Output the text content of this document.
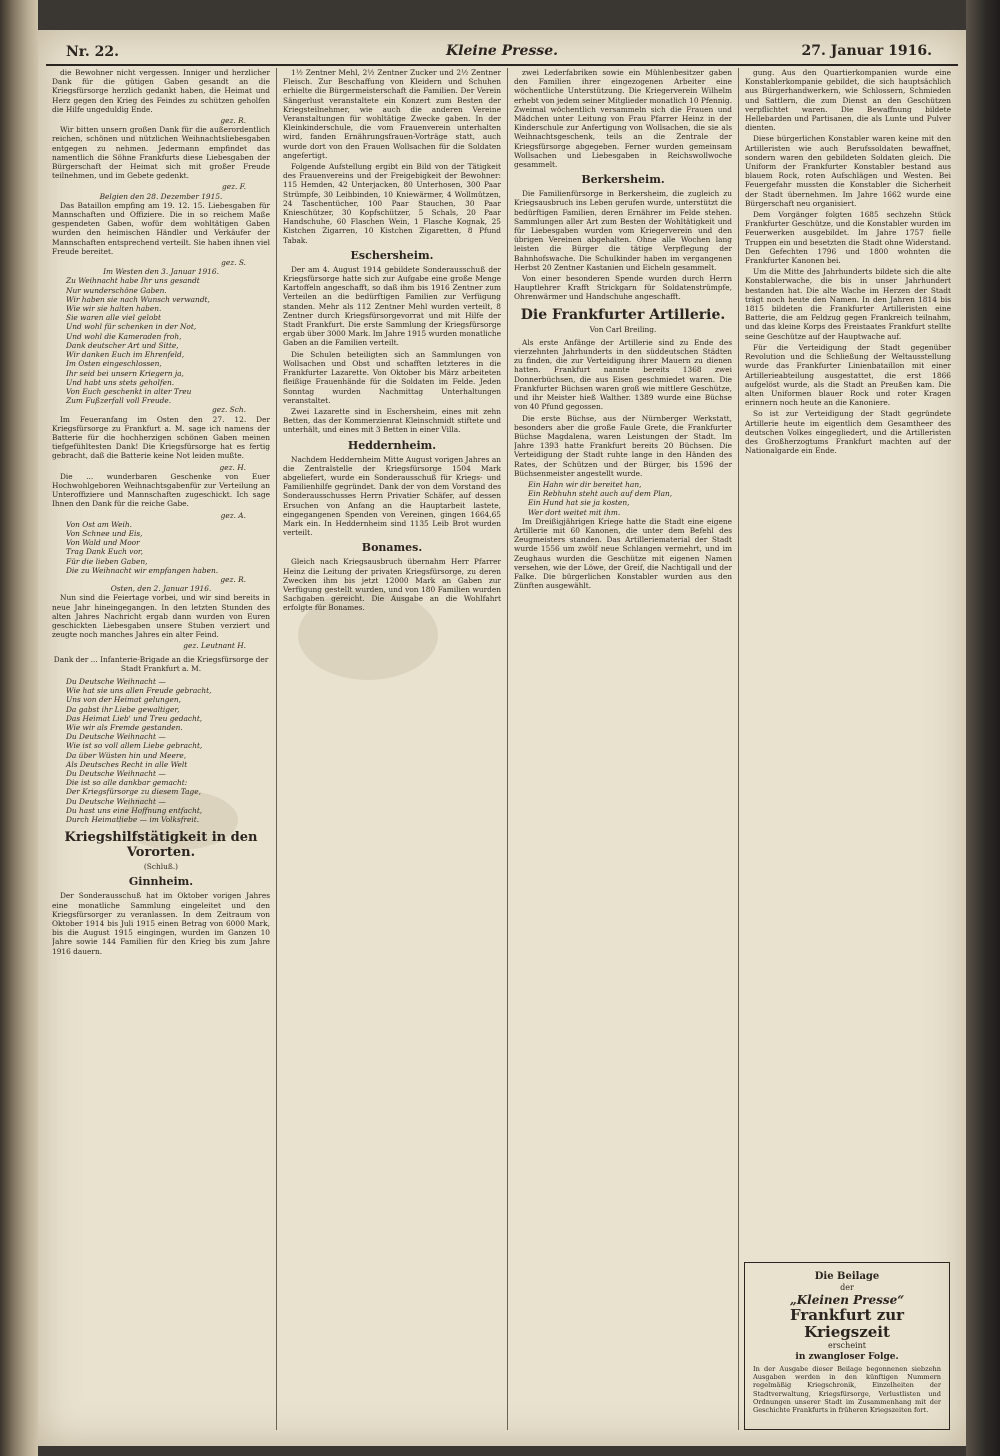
Nr. 22.	Kleine Presse.	27. Januar 1916.

die Bewohner nicht vergessen. Inniger und herzlicher Dank für die gütigen Gaben gesandt an die Kriegsfürsorge herzlich gedankt haben, die Heimat und Herz gegen den Krieg des Feindes zu schützen geholfen die Hilfe ungeduldig Ende.

gez. R.

Wir bitten unsern großen Dank für die außerordentlich reichen, schönen und nützlichen Weihnachtsliebesgaben entgegen zu nehmen. Jedermann empfindet das namentlich die Söhne Frankfurts diese Liebesgaben der Bürgerschaft der Heimat sich mit großer Freude teilnehmen, und im Gebete gedenkt.

gez. F.
Belgien den 28. Dezember 1915.

Das Bataillon empfing am 19. 12. 15. Liebesgaben für Mannschaften und Offiziere. Die in so reichem Maße gespendeten Gaben, wofür dem wohltätigen Gaben wurden den heimischen Händler und Verkäufer der Mannschaften entsprechend verteilt. Sie haben ihnen viel Freude bereitet.

gez. S.
Im Westen den 3. Januar 1916.
Zu Weihnacht habe Ihr uns gesandt
Nur wunderschöne Gaben.
Wir haben sie nach Wunsch verwandt,
Wie wir sie halten haben.
Sie waren alle viel gelobt
Und wohl für schenken in der Not,
Und wohl die Kameraden froh,
Dank deutscher Art und Sitte,
Wir danken Euch im Ehrenfeld,
Im Osten eingeschlossen,
Ihr seid bei unsern Kriegern ja,
Und habt uns stets geholfen.
Von Euch geschenkt in alter Treu
Zum Fußzerfall voll Freude.
gez. Sch.

Im Feueranfang im Osten den 27. 12. Der Kriegsfürsorge zu Frankfurt a. M. sage ich namens der Batterie für die hochherzigen schönen Gaben meinen tiefgefühltesten Dank! Die Kriegsfürsorge hat es fertig gebracht, daß die Batterie keine Not leiden mußte.

gez. H.

Die ... wunderbaren Geschenke von Euer Hochwohlgeboren Weihnachtsgabenfür zur Verteilung an Unteroffiziere und Mannschaften zugeschickt. Ich sage Ihnen den Dank für die reiche Gabe.

gez. A.
Von Ost am Weih.
Von Schnee und Eis,
Von Wald und Moor
Trag Dank Euch vor,
Für die lieben Gaben,
Die zu Weihnacht wir empfangen haben.
gez. R.
Osten, den 2. Januar 1916.

Nun sind die Feiertage vorbei, und wir sind bereits in neue Jahr hineingegangen. In den letzten Stunden des alten Jahres Nachricht ergab dann wurden von Euren geschickten Liebesgaben unsere Stuben verziert und zeugte noch manches Jahres ein alter Feind.

gez. Leutnant H.
Dank der ... Infanterie-Brigade an die Kriegsfürsorge der Stadt Frankfurt a. M.
Du Deutsche Weihnacht —
Wie hat sie uns allen Freude gebracht,
Uns von der Heimat gelungen,
Da gabst ihr Liebe gewaltiger,
Das Heimat Lieb' und Treu gedacht,
Wie wir als Fremde gestanden.
Du Deutsche Weihnacht —
Wie ist so voll allem Liebe gebracht,
Da über Wüsten hin und Meere,
Als Deutsches Recht in alle Welt
Du Deutsche Weihnacht —
Die ist so alle dankbar gemacht:
Der Kriegsfürsorge zu diesem Tage,
Du Deutsche Weihnacht —
Du hast uns eine Hoffnung entfacht,
Durch Heimatliebe — im Volksfreit.
Kriegshilfstätigkeit in den Vororten.
(Schluß.)
Ginnheim.

Der Sonderausschuß hat im Oktober vorigen Jahres eine monatliche Sammlung eingeleitet und den Kriegsfürsorger zu veranlassen. In dem Zeitraum von Oktober 1914 bis Juli 1915 einen Betrag von 6000 Mark, bis die August 1915 eingingen, wurden im Ganzen 10 Jahre sowie 144 Familien für den Krieg bis zum Jahre 1916 dauern.

1½ Zentner Mehl, 2½ Zentner Zucker und 2½ Zentner Fleisch. Zur Beschaffung von Kleidern und Schuhen erhielte die Bürgermeisterschaft die Familien. Der Verein Sängerlust veranstaltete ein Konzert zum Besten der Kriegsteilnehmer, wie auch die anderen Vereine Veranstaltungen für wohltätige Zwecke gaben. In der Kleinkinderschule, die vom Frauenverein unterhalten wird, fanden Ernährungsfrauen-Vorträge statt, auch wurde dort von den Frauen Wollsachen für die Soldaten angefertigt.

Folgende Aufstellung ergibt ein Bild von der Tätigkeit des Frauenvereins und der Freigebigkeit der Bewohner: 115 Hemden, 42 Unterjacken, 80 Unterhosen, 300 Paar Strümpfe, 30 Leibbinden, 10 Kniewärmer, 4 Wollmützen, 24 Taschentücher, 100 Paar Stauchen, 30 Paar Knieschützer, 30 Kopfschützer, 5 Schals, 20 Paar Handschuhe, 60 Flaschen Wein, 1 Flasche Kognak, 25 Kistchen Zigarren, 10 Kistchen Zigaretten, 8 Pfund Tabak.

Eschersheim.

Der am 4. August 1914 gebildete Sonderausschuß der Kriegsfürsorge hatte sich zur Aufgabe eine große Menge Kartoffeln angeschafft, so daß ihm bis 1916 Zentner zum Verteilen an die bedürftigen Familien zur Verfügung standen. Mehr als 112 Zentner Mehl wurden verteilt, 8 Zentner durch Kriegsfürsorgevorrat und mit Hilfe der Stadt Frankfurt. Die erste Sammlung der Kriegsfürsorge ergab über 3000 Mark. Im Jahre 1915 wurden monatliche Gaben an die Familien verteilt.

Die Schulen beteiligten sich an Sammlungen von Wollsachen und Obst und schafften letzteres in die Frankfurter Lazarette. Von Oktober bis März arbeiteten fleißige Frauenhände für die Soldaten im Felde. Jeden Sonntag wurden Nachmittag Unterhaltungen veranstaltet.

Zwei Lazarette sind in Eschersheim, eines mit zehn Betten, das der Kommerzienrat Kleinschmidt stiftete und unterhält, und eines mit 3 Betten in einer Villa.

Heddernheim.

Nachdem Heddernheim Mitte August vorigen Jahres an die Zentralstelle der Kriegsfürsorge 1504 Mark abgeliefert, wurde ein Sonderausschuß für Kriegs- und Familienhilfe gegründet. Dank der von dem Vorstand des Sonderausschusses Herrn Privatier Schäfer, auf dessen Ersuchen von Anfang an die Hauptarbeit lastete, eingegangenen Spenden von Vereinen, gingen 1664,65 Mark ein. In Heddernheim sind 1135 Leib Brot wurden verteilt.

Bonames.

Gleich nach Kriegsausbruch übernahm Herr Pfarrer Heinz die Leitung der privaten Kriegsfürsorge, zu deren Zwecken ihm bis jetzt 12000 Mark an Gaben zur Verfügung gestellt wurden, und von 180 Familien wurden Sachgaben gereicht. Die Ausgabe an die Wohlfahrt erfolgte für Bonames.

zwei Lederfabriken sowie ein Mühlenbesitzer gaben den Familien ihrer eingezogenen Arbeiter eine wöchentliche Unterstützung. Die Kriegerverein Wilhelm erhebt von jedem seiner Mitglieder monatlich 10 Pfennig. Zweimal wöchentlich versammeln sich die Frauen und Mädchen unter Leitung von Frau Pfarrer Heinz in der Kinderschule zur Anfertigung von Wollsachen, die sie als Weihnachtsgeschenk, teils an die Zentrale der Kriegsfürsorge abgegeben. Ferner wurden gemeinsam Wollsachen und Liebesgaben in Reichswollwoche gesammelt.

Berkersheim.

Die Familienfürsorge in Berkersheim, die zugleich zu Kriegsausbruch ins Leben gerufen wurde, unterstützt die bedürftigen Familien, deren Ernährer im Felde stehen. Sammlungen aller Art zum Besten der Wohltätigkeit und für Liebesgaben wurden vom Kriegerverein und den übrigen Vereinen abgehalten. Ohne alle Wochen lang leisten die Bürger die tätige Verpflegung der Bahnhofswache. Die Schulkinder haben im vergangenen Herbst 20 Zentner Kastanien und Eicheln gesammelt.

Von einer besonderen Spende wurden durch Herrn Hauptlehrer Krafft Strickgarn für Soldatenstrümpfe, Ohrenwärmer und Handschuhe angeschafft.

Die Frankfurter Artillerie.
Von Carl Breiling.

Als erste Anfänge der Artillerie sind zu Ende des vierzehnten Jahrhunderts in den süddeutschen Städten zu finden, die zur Verteidigung ihrer Mauern zu dienen hatten. Frankfurt nannte bereits 1368 zwei Donnerbüchsen, die aus Eisen geschmiedet waren. Die Frankfurter Büchsen waren groß wie mittlere Geschütze, und ihr Meister hieß Walther. 1389 wurde eine Büchse von 40 Pfund gegossen.

Die erste Büchse, aus der Nürnberger Werkstatt, besonders aber die große Faule Grete, die Frankfurter Büchse Magdalena, waren Leistungen der Stadt. Im Jahre 1393 hatte Frankfurt bereits 20 Büchsen. Die Verteidigung der Stadt ruhte lange in den Händen des Rates, der Schützen und der Bürger, bis 1596 der Büchsenmeister angestellt wurde.

Ein Hahn wir dir bereitet han,
Ein Rebhuhn steht auch auf dem Plan,
Ein Hund hat sie ja kosten,
Wer dort weitet mit ihm.

Im Dreißigjährigen Kriege hatte die Stadt eine eigene Artillerie mit 60 Kanonen, die unter dem Befehl des Zeugmeisters standen. Das Artilleriematerial der Stadt wurde 1556 um zwölf neue Schlangen vermehrt, und im Zeughaus wurden die Geschütze mit eigenen Namen versehen, wie der Löwe, der Greif, die Nachtigall und der Falke. Die bürgerlichen Konstabler wurden aus den Zünften ausgewählt.

gung. Aus den Quartierkompanien wurde eine Konstablerkompanie gebildet, die sich hauptsächlich aus Bürgerhandwerkern, wie Schlossern, Schmieden und Sattlern, die zum Dienst an den Geschützen verpflichtet waren. Die Bewaffnung bildete Hellebarden und Partisanen, die als Lunte und Pulver dienten.

Diese bürgerlichen Konstabler waren keine mit den Artilleristen wie auch Berufssoldaten bewaffnet, sondern waren den gebildeten Soldaten gleich. Die Uniform der Frankfurter Konstabler bestand aus blauem Rock, roten Aufschlägen und Westen. Bei Feuergefahr mussten die Konstabler die Sicherheit der Stadt übernehmen. Im Jahre 1662 wurde eine Bürgerschaft neu organisiert.

Dem Vorgänger folgten 1685 sechzehn Stück Frankfurter Geschütze, und die Konstabler wurden im Feuerwerken ausgebildet. Im Jahre 1757 fielle Truppen ein und besetzten die Stadt ohne Widerstand. Den Gefechten 1796 und 1800 wohnten die Frankfurter Kanonen bei.

Um die Mitte des Jahrhunderts bildete sich die alte Konstablerwache, die bis in unser Jahrhundert bestanden hat. Die alte Wache im Herzen der Stadt trägt noch heute den Namen. In den Jahren 1814 bis 1815 bildeten die Frankfurter Artilleristen eine Batterie, die am Feldzug gegen Frankreich teilnahm, und das kleine Korps des Freistaates Frankfurt stellte seine Geschütze auf der Hauptwache auf.

Für die Verteidigung der Stadt gegenüber Revolution und die Schließung der Weltausstellung wurde das Frankfurter Linienbataillon mit einer Artillerieabteilung ausgestattet, die erst 1866 aufgelöst wurde, als die Stadt an Preußen kam. Die alten Uniformen blauer Rock und roter Kragen erinnern noch heute an die Kanoniere.

So ist zur Verteidigung der Stadt gegründete Artillerie heute im eigentlich dem Gesamtheer des deutschen Volkes eingegliedert, und die Artilleristen des Großherzogtums Frankfurt machten auf der Nationalgarde ein Ende.

Die Beilage
der
„Kleinen Presse“
Frankfurt zur Kriegszeit
erscheint
in zwangloser Folge.
In der Ausgabe dieser Beilage begonnenen siebzehn Ausgaben werden in den künftigen Nummern regelmäßig Kriegschronik, Einzelheiten der Stadtverwaltung, Kriegsfürsorge, Verlustlisten und Ordnungen unserer Stadt im Zusammenhang mit der Geschichte Frankfurts in früheren Kriegszeiten fort.
